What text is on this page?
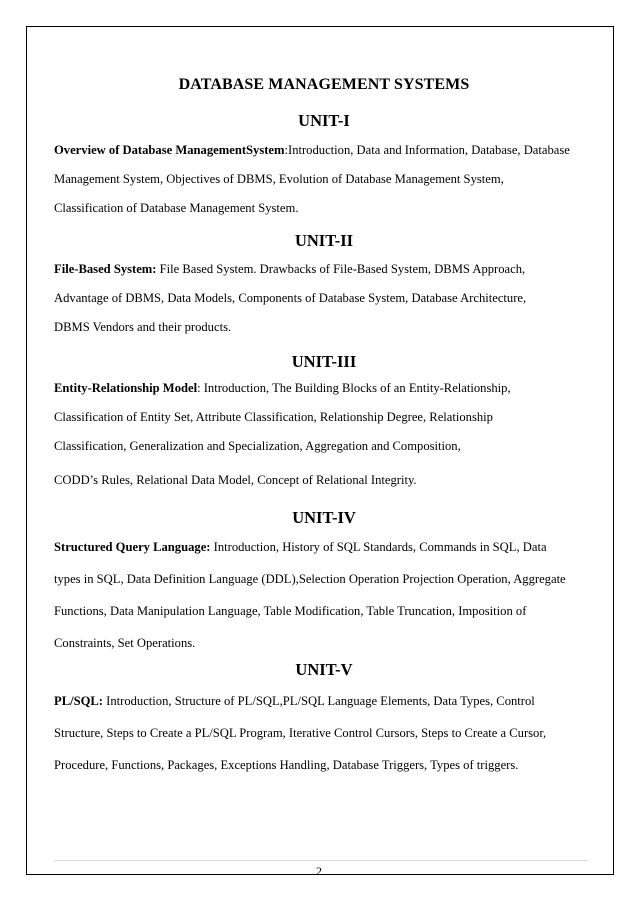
DATABASE MANAGEMENT SYSTEMS
UNIT-I

Overview of Database ManagementSystem:Introduction, Data and Information, Database, Database
Management System, Objectives of DBMS, Evolution of Database Management System,
Classification of Database Management System.

UNIT-II

File-Based System: File Based System. Drawbacks of File-Based System, DBMS Approach,
Advantage of DBMS, Data Models, Components of Database System, Database Architecture,
DBMS Vendors and their products.

UNIT-III

Entity-Relationship Model: Introduction, The Building Blocks of an Entity-Relationship,
Classification of Entity Set, Attribute Classification, Relationship Degree, Relationship
Classification, Generalization and Specialization, Aggregation and Composition,
CODD’s Rules, Relational Data Model, Concept of Relational Integrity.

UNIT-IV

Structured Query Language: Introduction, History of SQL Standards, Commands in SQL, Data
types in SQL, Data Definition Language (DDL),Selection Operation Projection Operation, Aggregate
Functions, Data Manipulation Language, Table Modification, Table Truncation, Imposition of
Constraints, Set Operations.

UNIT-V

PL/SQL: Introduction, Structure of PL/SQL,PL/SQL Language Elements, Data Types, Control
Structure, Steps to Create a PL/SQL Program, Iterative Control Cursors, Steps to Create a Cursor,
Procedure, Functions, Packages, Exceptions Handling, Database Triggers, Types of triggers.

2
